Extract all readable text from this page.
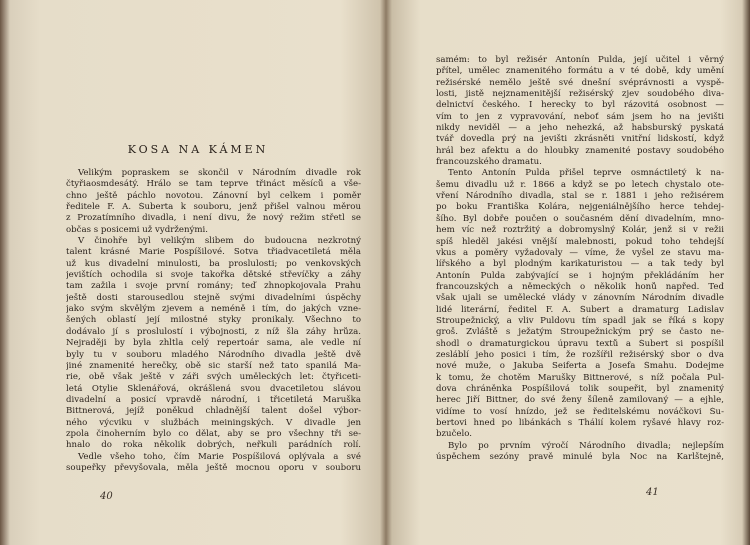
KOSA NA KÁMEN
Velikým popraskem se skončil v Národním divadle rok
čtyřiaosmdesátý. Hrálo se tam teprve třináct měsíců a vše-
chno ještě páchlo novotou. Zánovní byl celkem i poměr
ředitele F. A. Šuberta k souboru, jenž přišel valnou měrou
z Prozatímního divadla, i není divu, že nový režim střetl se
občas s posicemi už vydrženými.
V činohře byl velikým slibem do budoucna nezkrotný
talent krásné Marie Pospíšilové. Sotva třiadvacetiletá měla
už kus divadelní minulosti, ba proslulosti; po venkovských
jevištích ochodila si svoje takořka dětské střevíčky a záhy
tam zažila i svoje první romány; teď zhnopkojovala Prahu
ještě dosti starousedlou stejně svými divadelními úspěchy
jako svým skvělým zjevem a neméně i tím, do jakých vzne-
šených oblastí její milostné styky pronikaly. Všechno to
dodávalo jí s proslulostí i výbojnosti, z níž šla záhy hrůza.
Nejraději by byla zhltla celý repertoár sama, ale vedle ní
byly tu v souboru mladého Národního divadla ještě dvě
jiné znamenité herečky, obě sic starší než tato spanilá Ma-
rie, obě však ještě v záři svých uměleckých let: čtyřiceti-
letá Otylie Sklenářová, okrášlená svou dvacetiletou slávou
divadelní a posicí vpravdě národní, i třicetiletá Maruška
Bittnerová, jejíž poněkud chladnější talent došel výbor-
ného výcviku v službách meiningských. V divadle jen
zpola činoherním bylo co dělat, aby se pro všechny tři se-
hnalo do roka několik dobrých, neřkuli parádních rolí.
Vedle všeho toho, čím Marie Pospíšilová oplývala a své
soupeřky převyšovala, měla ještě mocnou oporu v souboru
40
samém: to byl režisér Antonín Pulda, její učitel i věrný
přítel, umělec znamenitého formátu a v té době, kdy umění
režisérské nemělo ještě své dnešní svéprávnosti a vyspě-
losti, jistě nejznamenitější režisérský zjev soudobého diva-
delnictví českého. I herecky to byl rázovitá osobnost —
vím to jen z vypravování, neboť sám jsem ho na jevišti
nikdy neviděl — a jeho nehezká, až habsburský pyskatá
tvář dovedla prý na jevišti zkrásněti vnitřní lidskostí, když
hrál bez afektu a do hloubky znamenité postavy soudobého
francouzského dramatu.
Tento Antonín Pulda přišel teprve osmnáctiletý k na-
šemu divadlu už r. 1866 a když se po letech chystalo ote-
vření Národního divadla, stal se r. 1881 i jeho režisérem
po boku Františka Kolára, nejgeniálnějšího herce tehdej-
šího. Byl dobře poučen o současném dění divadelním, mno-
hem víc než roztržitý a dobromyslný Kolár, jenž si v režii
spíš hleděl jakési vnější malebnosti, pokud toho tehdejší
vkus a poměry vyžadovaly — víme, že vyšel ze stavu ma-
lířského a byl plodným karikaturistou — a tak tedy byl
Antonín Pulda zabývající se i hojným překládáním her
francouzských a německých o několik honů napřed. Teď
však ujali se umělecké vlády v zánovním Národním divadle
lidé literární, ředitel F. A. Šubert a dramaturg Ladislav
Stroupežnický, a vliv Puldovu tím spadl jak se říká s kopy
groš. Zvláště s ježatým Stroupežnickým prý se často ne-
shodl o dramaturgickou úpravu textů a Šubert si pospíšil
zesláblí jeho posici i tím, že rozšířil režisérský sbor o dva
nové muže, o Jakuba Seiferta a Josefa Šmahu. Dodejme
k tomu, že chotěm Marušky Bittnerové, s níž počala Pul-
dova chráněnka Pospíšilová tolik soupeřit, byl znamenitý
herec Jiří Bittner, do své ženy šíleně zamilovaný — a ejhle,
vidíme to vosí hnízdo, jež se ředitelskému nováčkovi Šu-
bertovi hned po libánkách s Thálií kolem ryšavé hlavy roz-
bzučelo.
Bylo po prvním výročí Národního divadla; nejlepším
úspěchem sezóny pravě minulé byla Noc na Karlštejně,
41
